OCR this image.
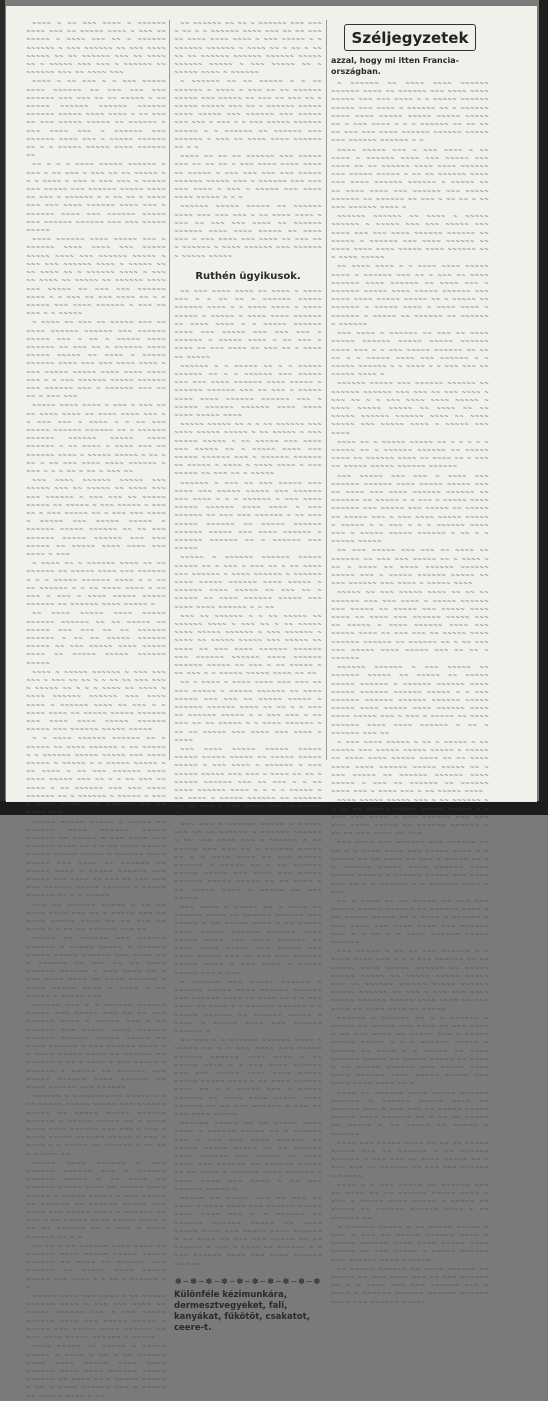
~~~~ ~ ~~ ~~~ ~~~~ ~ ~~~~~~ ~~~~ ~~~ ~~ ~~~~~ ~~~~ ~ ~~~ ~~ ~~~~~ ~ ~~~~ ~~~ ~~ ~ ~~~~~~ ~~~~~~ ~ ~~~ ~~~~~~ ~~ ~~~ ~~~~ ~~~~~ ~~ ~~ ~~~~~~ ~~~ ~~ ~~~~ ~~ ~ ~~~~~ ~~~ ~~~ ~ ~~~~~~ ~~ ~~~~~~ ~~~ ~~ ~~~~ ~~~

~~~~ ~ ~~ ~~~ ~ ~ ~~~ ~~~~~ ~~~~ ~~~~~~ ~~ ~~~ ~~~ ~~~ ~~~~~~ ~~~ ~~~ ~~ ~~ ~~~~~ ~ ~~ ~~~~~ ~~~~~~ ~~~~~~ ~~~~~~ ~~~~~~ ~~~~~ ~~~~ ~~~~ ~ ~~ ~~~ ~~ ~~~ ~~~~~ ~~~~~ ~~ ~~~~~~ ~ ~~~ ~~~~ ~~~ ~ ~~~~~~ ~~~ ~~~~~~ ~~~~ ~~~ ~ ~~~~~ ~~~~~~ ~~ ~ ~ ~~~~~ ~~~~~ ~~~~ ~~~~~~ ~~

~~ ~ ~ ~ ~~~~ ~~~~~ ~~~~~~ ~ ~~~ ~ ~~ ~~~ ~ ~~~ ~~ ~~ ~~~~~ ~ ~ ~ ~~~~ ~ ~~~ ~ ~~~ ~~~ ~ ~~~~~ ~~~ ~~~~~ ~~~ ~~~~~~ ~~~~~ ~~~~ ~~ ~~~ ~ ~~~~~~ ~ ~ ~~ ~~ ~ ~~~~ ~~~ ~~~ ~~~~ ~~~~~~ ~~~~ ~~~ ~ ~~~~~~ ~~~~ ~~~ ~~~~~~ ~~~~~ ~~~ ~~~~~~ ~~~~~~ ~~~ ~~~ ~~~~~ ~~~~~

~~~~ ~~~~~~ ~~~~ ~~~~~ ~~~ ~ ~~~~~~ ~~~~ ~~~~ ~~~ ~~~~~ ~~~~~ ~~~~ ~~~ ~~~~~~ ~~~~~ ~ ~~~ ~~~ ~~~~~~ ~~~~ ~ ~~~~~ ~~ ~~ ~~~~ ~~ ~ ~~~~~~ ~~~~ ~ ~~~ ~~ ~~~~ ~~ ~~~~~ ~~ ~~~~~~ ~~~~ ~~~ ~~~~~ ~~ ~~~ ~~~ ~~~~~~ ~~~~ ~ ~ ~~~ ~~ ~~~ ~~~~ ~~ ~ ~ ~~~~~ ~~~ ~~~~ ~~~~~~ ~ ~~~ ~~ ~~~ ~ ~ ~~~~~

~ ~~~~ ~~ ~~~ ~~ ~~~~~ ~~~ ~~ ~~~~ ~~~~~~ ~~~~~~ ~~~ ~~~~~~ ~~~~~ ~~~ ~ ~~ ~ ~~~~~ ~~~~ ~~~~~~ ~~ ~~~ ~~ ~ ~~~~~~ ~~~~ ~~~~~ ~~~~~ ~~ ~~~~ ~ ~~~~~ ~~~~~~ ~~~~ ~~~ ~~~ ~~~~ ~~~~ ~ ~~~ ~~~~~ ~~~~~ ~~~~ ~~~~ ~~~~ ~~~ ~ ~ ~~~ ~~~~~~ ~~~~~ ~~~~~~ ~~~ ~~~~~~ ~~~ ~ ~~~~~~ ~~~ ~~ ~~ ~ ~~~ ~~~

~~~~~ ~~~~ ~~~~ ~ ~~~ ~ ~~~ ~~ ~~ ~~~~ ~~~~ ~~ ~~~~ ~~~~ ~~~ ~ ~ ~~~ ~~~ ~ ~~~~ ~ ~ ~~ ~~~ ~~~~~ ~~~~~~ ~~~~~~ ~~ ~ ~~~~~~ ~~~~~~ ~~~~~~ ~~~~~ ~~~~ ~~~~~~ ~ ~~ ~~~~ ~ ~~~~ ~~~ ~~ ~~~~~~ ~~~~ ~ ~~~~~ ~~~~~ ~ ~~ ~ ~~ ~ ~~ ~~~ ~~~~ ~~~~ ~~~~~~ ~ ~~~ ~ ~ ~ ~~ ~ ~~ ~ ~~~ ~~

~~~ ~~~~ ~~~~~~ ~~~~~ ~~~ ~~~~~ ~~~ ~~ ~~~~~ ~~ ~~~~ ~~~ ~~~ ~~~~~~ ~ ~~~ ~~~ ~~ ~~~~~ ~~~~~ ~~ ~~~~~ ~ ~~~ ~~~~~ ~ ~~~ ~~ ~ ~~~ ~~~~~ ~~ ~ ~~~ ~~~ ~~~~ ~ ~~~~~ ~~~ ~~~~~ ~~~~~ ~ ~~~~~~ ~~~~~ ~~~~~~ ~~ ~~ ~~~ ~~~~~~ ~~~~~ ~~~~~~ ~~~ ~~~ ~~~~~ ~~ ~~~~~ ~~~~ ~~~~ ~~~ ~~~~ ~ ~~~

~ ~~~~ ~~ ~ ~~~~~~ ~~~~ ~~ ~~ ~~~~~~ ~~ ~~~~~ ~~~~ ~~~ ~~~~~~ ~ ~ ~ ~~~~~ ~~~~~~ ~~~~ ~ ~ ~~ ~~ ~~~~~~ ~ ~ ~~ ~~~~ ~~~~ ~ ~~ ~~~ ~ ~~~ ~ ~~~~ ~~~~~ ~~~~~ ~~~~~~ ~~ ~~~~~~ ~~~~ ~~~~~ ~

~~ ~~~~ ~~~~~ ~~~~ ~~~~~ ~~~~~~ ~~~~~~ ~~ ~~ ~~~~~ ~~ ~~~~~ ~~~ ~~~ ~~ ~~ ~~~~~~ ~~~~~~ ~ ~~ ~~ ~~~~~ ~~~~~~ ~~~~~ ~~ ~~~ ~~~~~ ~~~~ ~~~~~ ~~~~ ~~ ~~~~~ ~~~~~ ~~~~~~ ~~~~~

~~~~ ~ ~~~~~ ~~~~~~ ~ ~~~ ~~~ ~~~ ~ ~~~ ~~ ~~ ~ ~ ~~ ~~ ~~~ ~~~ ~ ~~~~~ ~~ ~ ~ ~ ~~~~ ~~ ~~~~ ~ ~~~~ ~~~~~~ ~~~~~~ ~~~ ~~~~ ~~~~ ~ ~~~~~~ ~~~~ ~~ ~~~ ~ ~ ~~~~ ~~~~ ~~ ~~~~~ ~~~~~ ~~~~~~ ~~~ ~~~~ ~~~~ ~~~~~ ~~~~~~ ~~~~~ ~~~ ~~~~~~ ~~~~~ ~~~~~

~ ~ ~~~~ ~~~~~~ ~~~~~~ ~~ ~ ~~~~~ ~~ ~~~~ ~~~~~~ ~ ~~ ~~~~~ ~ ~ ~~~~~~ ~~~~~ ~~~~~ ~~~ ~~~~ ~~~~~ ~ ~~~~~ ~ ~ ~~~~~ ~~~~~ ~ ~~ ~~~~ ~ ~~ ~~~ ~~~~~~ ~~~~ ~~~~ ~~~~~ ~~~ ~~ ~ ~ ~~ ~~~ ~~ ~~~~ ~ ~~ ~~~~~~ ~~~ ~~~ ~~~~ ~~~~~~ ~~ ~ ~~~~~~ ~ ~~~~~ ~ ~~~ ~ ~~~~ ~~~~ ~~~ ~~~~~~ ~~ ~~ ~~~~ ~~~

~~~~~ ~~~~~ ~~~~~ ~ ~~~~~ ~~ ~~~~~~ ~~~~ ~~~~~~ ~~~~~ ~~~~~~ ~~ ~~~~~ ~ ~~~ ~~~~ ~~~ ~~~~~~ ~~~~ ~~ ~ ~ ~~ ~~~~ ~~~~~ ~~~~~ ~~~~~ ~~~~~ ~ ~~~~~~ ~~~~ ~~~~~ ~~~ ~~~~ ~~ ~~~~~~ ~~ ~~~~~ ~~~~ ~ ~~~~~ ~~~~~~ ~~~ ~~~~~ ~~~ ~~~~ ~~ ~~~ ~~ ~~~ ~~~ ~~~ ~~~~~~ ~~~~~ ~~~~~~ ~ ~~~~~ ~~~~~~ ~~ ~ ~ ~~~~~

~~~ ~~ ~~~~~~ ~~~~~ ~ ~~ ~~ ~~~~ ~~~~ ~~~ ~~ ~ ~~~~~ ~~~ ~~ ~~~~ ~~~~~ ~~~~ ~~ ~~ ~~~ ~~ ~~~~ ~ ~ ~~ ~~ ~~~~~~ ~~~ ~~

~~~~~ ~~ ~~~~~~ ~~~ ~~~~~~ ~~~~~~ ~ ~~~~~ ~~~~~ ~ ~~~~~~ ~~~~~ ~~~~~ ~~~~~~ ~~~ ~~~~ ~~ ~ ~~~~~~ ~~ ~~~ ~~ ~~ ~~~~ ~~~~~~ ~~~~~~ ~ ~~~ ~~~~ ~~ ~ ~~~ ~~~~ ~~~~ ~~ ~~~~ ~~~~~~ ~ ~~~~ ~~~~~ ~~~~ ~ ~~~~ ~ ~~ ~~~~~ ~ ~~~~~ ~~~

~~~~~~ ~~~ ~ ~ ~~~~~~ ~~~~~~ ~~~~~ ~~~ ~~~~~ ~~~ ~~ ~~ ~~~ ~~~~~~ ~~~~ ~ ~~~~~ ~~~ ~ ~~ ~~~~~~ ~~~ ~~~~~ ~~~~ ~~~~~~ ~~~~~~ ~~~~~~ ~~~~~ ~~~~~ ~~ ~~~~ ~~~~~~ ~ ~~~ ~~~~~~ ~~~~ ~ ~ ~~~~ ~~~~~ ~~~~ ~~ ~~~~~~ ~~ ~~~~~~ ~ ~~ ~ ~~~~ ~ ~~~ ~~~~~ ~ ~~~~~~ ~ ~~~~~ ~~ ~~~~~~ ~~~ ~~~~~ ~~~~~~ ~~~~ ~~~~~~ ~~ ~~~~ ~~~~~~ ~~~ ~~~~~~

~~~~~~ ~ ~ ~~~~~~ ~~ ~~~~~ ~ ~ ~~ ~~~~~ ~~~~~ ~~~~~ ~~~ ~~~~~~ ~~~~~ ~~ ~~~~~ ~~~~~ ~~~~~~ ~~~~~~ ~ ~~~~~ ~~~~~ ~~ ~ ~~~~ ~~~~ ~~~~ ~~~~~~ ~~~ ~~~ ~ ~~~ ~ ~~~~ ~~~~~ ~~~~~~ ~~~~~ ~ ~~~ ~ ~~~~ ~ ~ ~~~~~ ~~ ~~~~~~ ~ ~~ ~~ ~ ~~~~~ ~~

~~~~~ ~~~~ ~~~~~~ ~ ~~~ ~~~~~~ ~~~~~~ ~~~ ~ ~~~~~~ ~~~~~~ ~~~~~ ~ ~~ ~~~~ ~~ ~~~~~~ ~~~~~ ~~~~ ~~ ~~~~~ ~~~~ ~~~~~ ~ ~~~~~ ~~~~~ ~ ~~~ ~~~~~ ~~ ~~~~~~ ~~ ~~~~~~ ~~~~~ ~~~ ~~~~ ~~~ ~~~~~ ~~~~ ~ ~~~~~~ ~~ ~~~ ~ ~~ ~~~~~ ~~~~ ~~~~~ ~~~~ ~ ~~ ~~ ~~~~~~ ~~ ~ ~~~ ~ ~~~~ ~~~~~~ ~~ ~ ~

~~ ~~ ~ ~~ ~~~~~~ ~~~~ ~~~~ ~~ ~~~~~~ ~~~~ ~~~~~ ~~~~~ ~~~~~ ~~~~~~ ~~ ~~~~ ~~ ~~~~~~ ~~~ ~~~~~~ ~~ ~~~~~ ~~~~ ~~~~~ ~~~~~ ~~~ ~~~~ ~ ~ ~~ ~ ~~~~~~ ~ ~

~~~~~ ~~~~ ~~~ ~~~~ ~ ~~ ~~~~~ ~~~~~~ ~~~~ ~ ~~~ ~~~ ~~~~ ~~ ~~~~~ ~~~~~~ ~~~ ~ ~~~ ~~~~~ ~~~~~~ ~~~~ ~~~ ~~~~~ ~~~~~ ~ ~~~~~ ~~~ ~~~~~ ~~~~ ~~~~~~ ~~ ~~~ ~~~~ ~~~~~ ~~~~~~ ~ ~~~~~

~~~~ ~~~~~ ~~ ~~~~~ ~ ~~~~~ ~~~~~ ~ ~~~~ ~ ~~ ~ ~~ ~~~~~~ ~~~~ ~~~~ ~~~~~ ~~~~ ~~~~ ~~~~~~ ~~~~ ~~~~ ~~~~~~ ~~~~~ ~~~~~~ ~~ ~~~~ ~~ ~ ~~~~~ ~~~~~ ~ ~~ ~ ~~~~ ~~~~~~ ~~~ ~ ~~~~~ ~~ ~~~~~ ~~~~ ~ ~~

~~ ~~~~~~ ~~ ~~ ~ ~~~~~~ ~~~ ~~~ ~ ~~ ~ ~ ~~~~~~ ~~~~ ~~~ ~~ ~~ ~~~ ~~ ~~~~ ~~~~ ~~~~ ~ ~~~ ~~~~~ ~ ~ ~~~~~~ ~~~~~~ ~ ~~~~ ~~ ~ ~~ ~ ~~ ~~ ~~ ~~~~~~ ~~~~~~ ~~~~~~ ~~~~~ ~~~~~~ ~~~~~ ~ ~~~ ~~~~~ ~~ ~ ~~~~~ ~~~~ ~ ~~~~~~

~ ~~~~~~ ~~ ~~ ~~~~~ ~ ~ ~~ ~~~~~~ ~ ~~~~ ~ ~~~ ~~ ~~ ~~~~~~ ~~~~~ ~~~ ~~~~~ ~~ ~~~ ~~ ~~~ ~~ ~ ~~~~~ ~~~~~ ~~~ ~~ ~ ~~~~~~ ~~~~~ ~~~~ ~~~~~ ~~~ ~~~~~~ ~~~ ~~~~~ ~~~ ~~~ ~ ~~~ ~ ~ ~~~ ~~~~~ ~~~~~~ ~~~~~ ~ ~ ~~~~~~ ~~ ~~~~~~ ~~~ ~~~~~~ ~ ~~~ ~~ ~~~~ ~~~~ ~~~~~~ ~~ ~ ~

~~~~ ~~ ~~ ~~ ~~~~~~ ~~~ ~~~~~ ~~~ ~~ ~~ ~~ ~ ~~~ ~~~~ ~~~~ ~~~~ ~~ ~~~~~ ~ ~~~ ~~~ ~~~ ~~~ ~~~~~ ~~~~~~ ~~~~~ ~~~ ~ ~~~~~~ ~~~ ~~~ ~~~ ~~~~ ~ ~~~ ~ ~~~~~ ~~~ ~~~~ ~~~~ ~~~~~ ~ ~ ~

~~~~~~ ~~~~~ ~~~~~ ~~ ~~~~~~ ~~~~ ~~~ ~~~ ~~~ ~ ~~ ~~~~ ~~~~ ~ ~~~ ~~ ~~~ ~~~ ~~~~ ~~ ~~~~~~ ~~~~~~ ~~~~ ~~~~ ~~~~~ ~~ ~~~~ ~~~ ~ ~~~ ~~~~ ~~~ ~~~~ ~~ ~~~ ~~ ~ ~~~~~~ ~ ~~~~ ~~~~~~ ~~~ ~~~~~~ ~ ~~~~~ ~~~~~

Ruthén ügyikusok.

~~ ~~~ ~~~~ ~~~~ ~~ ~~~~ ~ ~~~~ ~~~ ~ ~ ~~ ~~ ~ ~~~~~~ ~~~~~ ~~~~~~ ~~~~ ~ ~ ~~~~ ~~~~ ~ ~~~~ ~~~~~ ~ ~~~~~ ~ ~~~~ ~~~~ ~~~~~~ ~~ ~~~~ ~~~~ ~ ~ ~~~~~ ~~~~~~ ~~~~ ~~~ ~~~~~ ~~~ ~~~ ~~~ ~ ~~~~~~ ~ ~~~~~ ~~~~ ~ ~~ ~~~ ~ ~~~~ ~~ ~~~ ~~~~ ~~ ~~~ ~~ ~ ~~~~ ~~ ~~~~~

~~~~~~ ~ ~ ~~~~~ ~~ ~ ~ ~~~~~ ~~~~~~ ~~ ~ ~ ~~~~~~ ~~~ ~~~~~ ~~~ ~~~ ~~~~ ~~~~~~ ~~~~ ~~~~~ ~ ~~~~~~ ~~~~~~ ~~~ ~~ ~~~ ~ ~~~~~ ~~~~ ~~~~ ~~~~~~ ~~~~~~ ~~~ ~ ~~~~~ ~~~~~~ ~~~~~~ ~~~~ ~~~~ ~~~~ ~~~~~ ~~~~

~~~~~ ~~~~~ ~~ ~ ~ ~~ ~~~~~~ ~~~ ~~~~ ~~~~~ ~~~~~ ~ ~~ ~~~~~ ~ ~~~ ~~~~~ ~~~~~ ~ ~~ ~~~~~ ~~~ ~~~~ ~~~ ~~~~~ ~~ ~ ~~~~~ ~~~~ ~~~ ~~~~~ ~~~~~~ ~~~ ~ ~~~~~~ ~~~~~~ ~~ ~~~~~ ~ ~~~~ ~ ~~~~ ~~~~ ~ ~~~ ~~~~~ ~~ ~~~ ~~ ~ ~~~~~

~~~~~~ ~ ~~~ ~~ ~~~ ~~~~~ ~~~ ~~~~ ~~~ ~~~~~ ~~~~~ ~~~ ~~~~~~ ~~~ ~~~~ ~ ~ ~ ~~~~~~ ~ ~~~ ~~~~ ~~~~~ ~~~~~~ ~~~~ ~~~~ ~ ~~~ ~~~~~~ ~~ ~~~ ~~~ ~~~~~~ ~ ~~ ~~~ ~~~~~ ~~~~~~ ~~ ~~~~~ ~~~~~~ ~~~~~~ ~~~~~ ~~~ ~~~~ ~~~~~~ ~ ~~~~~~ ~~~~~~ ~~ ~ ~~~~~~ ~~~ ~~~~~

~~~~~ ~ ~~~~~~ ~~~~~~ ~~~~~ ~~~~~ ~~ ~ ~~~ ~ ~~~ ~~ ~ ~~ ~~~~ ~~~ ~~~~~~ ~ ~~~~ ~~~~~~ ~ ~~~~~~ ~~~~ ~~~~~ ~~~~~~ ~~~~ ~~~~~ ~ ~~~~~~ ~~~~ ~~~~~ ~~ ~~~ ~~ ~ ~~~~~ ~~ ~~~~ ~~~~~~ ~~~~~ ~~~ ~~~~ ~~~~ ~~~~~~ ~ ~ ~~

~~~ ~~ ~~~~~~ ~ ~ ~~ ~~~~~ ~~ ~~~~~~ ~~~~ ~ ~~~ ~~ ~ ~~ ~~~~~ ~~~~ ~~~~~ ~~~~~~ ~ ~~~ ~~~~~~ ~ ~~~~ ~~ ~~~~~ ~~~~~ ~~~ ~~~~~ ~~ ~~~~ ~~ ~~~ ~~~~ ~~~~~~ ~~~~~~ ~~~ ~~~~~~ ~~~~~~ ~~~~ ~~~~~~ ~~~~~~ ~~~~~ ~~ ~~~ ~ ~~ ~~~~~ ~ ~~ ~~~ ~ ~ ~~~~~ ~~~~~ ~~~~ ~~ ~~

~~ ~ ~~~~ ~ ~~~~ ~~~~ ~~~ ~~~ ~~ ~~~ ~~~~~ ~ ~~~~~ ~~~~~~ ~~ ~~~~ ~~~~~ ~~~ ~~~ ~~ ~~~~~ ~~~~~ ~ ~~~~~~ ~~~~~~ ~~~~ ~~ ~~ ~ ~ ~~~ ~~ ~~~~~~ ~~~~~ ~ ~ ~~~ ~~~ ~ ~~ ~~~ ~~ ~~ ~~~~~ ~ ~ ~~~~ ~~~~~~ ~ ~~ ~~ ~~~~~ ~~~ ~~~~ ~~~ ~~~~ ~ ~~~~

~~~ ~~~~ ~~~~~ ~~~~~ ~~~~~ ~~~~~ ~~~~~ ~~~~~ ~~ ~~~~~ ~~~~~ ~~~~~ ~ ~~~ ~~~~ ~ ~~~~~~ ~ ~~~ ~~~~~ ~~~~~ ~~~ ~~~ ~ ~~~~ ~~ ~~ ~ ~~~~~ ~~~~~~ ~~~ ~~ ~~~ ~ ~ ~~ ~~~~ ~~~~~~ ~~~~ ~ ~ ~ ~ ~~~~~ ~ ~~ ~~~~ ~ ~~~~~ ~~~~~~ ~~ ~~~~~~ ~~ ~~ ~~~ ~ ~~~ ~~~~ ~~~ ~~ ~~~~~ ~

~~~ ~~~ ~ ~~~~~~ ~~~~~ ~ ~~~~~ ~~~ ~~ ~~ ~~~~~~ ~ ~~~~~~ ~~~~~~ ~ ~~ ~~~ ~~~~ ~~~ ~ ~~~~~~ ~ ~~ ~~~~~ ~~~ ~~~ ~~ ~ ~~~~~~ ~~~~~ ~~ ~ ~ ~~~~ ~~~~ ~~ ~~~ ~~~~~ ~~~~~~ ~ ~~~~~ ~~ ~ ~~ ~~~~~~ ~~~~~ ~~~~~ ~~~ ~~~~ ~~~ ~~~~~ ~~~~~~ ~~~~~ ~~~~~ ~~ ~~ ~~~~ ~ ~~ ~~~~~ ~~~~ ~ ~~~~~ ~~ ~~~ ~~~~~

~~~ ~~~~ ~ ~~~~~ ~~ ~ ~~~~ ~~ ~~~~~~ ~~~~ ~~ ~~~~~~ ~~~~~~ ~~~ ~~~~~ ~ ~~ ~~~~~ ~~~~ ~ ~~ ~~~~~ ~~~~ ~~~~~ ~~~~~~ ~~~~~~ ~~~~ ~~~~~ ~~~~ ~~~ ~~~~ ~~~~~~ ~~ ~~~~ ~~~~ ~~~~~ ~~~ ~~~~~ ~~~ ~~~~ ~~~~~ ~~~ ~~ ~~~ ~~~ ~~~~~~ ~~~~~ ~~~~ ~ ~~~ ~~~~ ~ ~~~~~ ~~~~~ ~~~ ~ ~~~

~ ~~~~~~ ~~~ ~~~~~ ~~~~~~ ~ ~~~~~~ ~~~~~ ~~~~ ~~~~~~ ~~~~~~ ~~~ ~~~~~~ ~~~~ ~~ ~~~~ ~~ ~ ~ ~~~ ~~~~ ~~ ~~~~ ~ ~ ~~~~~~ ~~~~~~ ~ ~ ~~~~~ ~~~~~~ ~~ ~~~~~~ ~~~~~ ~ ~~~~ ~ ~~~~~ ~~~~ ~~~ ~~~~~~ ~~~~~~ ~

~~ ~~~ ~ ~ ~~~~~~ ~~~~~~ ~~~~ ~ ~~~~~ ~~ ~ ~ ~~~ ~~~~ ~~~ ~~~~~ ~~~~~~ ~~~~~~ ~~~~ ~~~~ ~ ~~ ~~~~~ ~~~~ ~ ~ ~~~ ~~~~ ~~~~~~ ~~~ ~~~ ~~~~~ ~~~~ ~~~~ ~~~~~ ~~~~~ ~~~~~ ~~~~ ~ ~~ ~~~~ ~~~~~~ ~~~~ ~~ ~ ~ ~~~~~ ~~~ ~ ~~~~~ ~~~~~~ ~~ ~~~~ ~~~~ ~~~~~ ~~~~ ~~~~~~ ~~ ~~ ~~~ ~~~~~~ ~ ~~~ ~~ ~~~ ~~~~ ~~~~~

~~~~~~ ~~~~~ ~~ ~~ ~~~~~ ~~~~ ~~~~ ~ ~~~~~~ ~~~~~ ~~ ~ ~~~~~~ ~~~ ~ ~~~ ~~~ ~~~~ ~~~~~~ ~~ ~~~~~ ~~~~~ ~~~~~ ~~ ~~ ~~~~~~ ~~~~ ~~~~~~ ~~~ ~~~~~ ~~ ~~~~ ~~~~ ~~~ ~~~~~~ ~~ ~~~~~~ ~~~~~ ~~ ~~ ~~~~ ~ ~~~~~~ ~~~~ ~~~~~~ ~ ~~~~ ~~~~ ~~~ ~~~~ ~ ~~ ~~~ ~~~~~~ ~~~~~ ~

~~~~~ ~~ ~~~~~ ~~~ ~~ ~~~ ~~ ~~~~ ~ ~~~~ ~~~~ ~~~ ~~~~~~ ~~~~~ ~~~~ ~~~~ ~~~ ~ ~ ~~~~~~ ~~ ~~~~~~ ~~~~~~ ~~~~~ ~~ ~~~~ ~~~~~ ~~~~ ~~~ ~~~~~ ~~~~ ~~~~~~ ~ ~~ ~~~~ ~~ ~~~ ~~~ ~~~~~ ~~ ~~ ~~~~~~ ~ ~~~ ~ ~~~~ ~~ ~~~~~~ ~ ~ ~~~ ~~~~~~ ~~~~ ~~~ ~~~~ ~~~~~~ ~~ ~~~

✽∽✽∽✽∽✽∽✽∽✽∽✽∽✽∽✽∽✽

Különféle kézimunkára, dermesztvegyeket, fali, kanyákat, fűkötöt, csakatot, ceere-t.

Széljegyzetek

azzal, hogy mi itten Francia-országban.

~ ~~~~~~ ~~ ~~~~ ~~~~ ~~~~~~ ~~~~~~ ~~~~ ~~ ~~~~~~ ~~~ ~~~~ ~~~~ ~~~~~ ~~~ ~~~ ~~~~ ~ ~ ~~~~~ ~~~~~~ ~~~~~ ~~~ ~~~~ ~ ~~~~~~ ~~ ~ ~~~~~~ ~~~~ ~~~~ ~~~~~ ~~~~~ ~~~~~ ~~~~~ ~~ ~ ~~~ ~~~~ ~ ~ ~ ~~~~~~ ~~ ~~ ~~ ~~ ~~~ ~~~ ~~~~ ~~~~~~ ~~~~~~ ~~~~~ ~~~ ~~~~~~ ~~~~~~ ~ ~

~~~~ ~~~~~ ~~~ ~ ~~~ ~~~~ ~ ~~ ~~~~ ~ ~~~~~~ ~~~~ ~~~ ~~~~~ ~~~ ~~~~ ~~ ~~ ~~~~~~ ~~~~ ~~~~ ~~~~~~ ~~~ ~~~~~ ~~~~~ ~ ~~ ~~ ~~~~~~ ~~~~ ~~~ ~~~~ ~~~~~~ ~~~~~~ ~ ~~~~~ ~~ ~~ ~~~~ ~~~~ ~~~ ~~~~~~ ~~~ ~~~~~ ~~~~~~ ~~ ~~~~~~ ~~ ~~~ ~ ~~ ~~ ~ ~~ ~~~ ~~~~~~ ~~~~ ~

~~~~~~ ~~~~~~ ~~ ~~~~ ~ ~~~~~ ~~~~~~ ~ ~~~~~ ~~~ ~~~ ~~~~~ ~~~ ~~~~ ~~~ ~~~ ~~~~ ~~~~~~ ~~~~~~ ~~ ~~~~~ ~ ~~~~~~ ~~~ ~~~~ ~~~~~~ ~~ ~~~~ ~~~~ ~~~~ ~~~~~ ~~~~ ~~~~~~ ~~ ~ ~~~~ ~~~~~

~~ ~~~~ ~~~~ ~ ~ ~~~~ ~~~~ ~~~~~ ~~~~ ~ ~~~~~~ ~~~ ~~ ~ ~~~ ~~ ~~~~ ~~~~~~ ~~~~ ~~~~~~ ~~ ~~~~ ~~~ ~ ~~~~~~ ~~~~~ ~~~~ ~~~~~ ~~~~~~ ~~~ ~~~~ ~~~~ ~~~~~ ~~~~~ ~~ ~ ~~~~~ ~~ ~~~~~~ ~ ~~~~~ ~~~~ ~ ~~~~ ~~~~ ~ ~~~~~~ ~ ~~~~~ ~~ ~~~~~~ ~~ ~~~~~~ ~ ~~~~~~

~~~ ~~~~ ~ ~~~~~~ ~~ ~~~ ~~ ~~~~ ~~~~~ ~~~~~~ ~~~~~ ~~~~~ ~~~~~~ ~~~~ ~~~ ~ ~ ~~~ ~~~~~ ~~~~~~ ~~ ~~ ~~ ~ ~ ~~~~~ ~~~~ ~~~ ~~~~~~ ~ ~ ~~~~~ ~~~~~~ ~ ~ ~~~~ ~ ~ ~~~ ~~~ ~~ ~~~~~ ~~~~ ~

~~~~~~ ~~~~~ ~~~ ~~~~~~ ~~~~~~ ~~ ~~~~~~ ~~~~~~ ~~~ ~~~ ~~ ~~~ ~~~~ ~ ~~~ ~~ ~ ~ ~~~ ~~~~ ~~~~ ~~~~~ ~ ~~~~ ~~~~~ ~~~~~ ~~ ~~~~ ~~ ~~ ~~~~~ ~~~~~~ ~~~~~~ ~~~~ ~~ ~~~~ ~~~~~ ~~~ ~~~~~ ~~~~ ~ ~~~~~ ~~~ ~~~~

~~~~ ~~ ~ ~~~~~ ~~~~~ ~~ ~ ~ ~ ~ ~ ~~~~~ ~~ ~ ~~~~~~ ~~~~~~ ~~ ~~~~~ ~~~~ ~~ ~~~~~~ ~~~~ ~~ ~~~~ ~~ ~ ~~~ ~~ ~~~~~ ~~~~~ ~~~~~~ ~~~~~~

~~~ ~~~~~ ~~~ ~~~ ~ ~~~~ ~~~ ~~~~~~ ~~~~~~ ~~~~ ~~~~~ ~~~~~ ~~~ ~~ ~~~~ ~~~ ~~~~ ~~~~~~ ~~~~~~ ~~ ~~~~~~ ~~ ~~~~~ ~ ~ ~~~ ~ ~~~~~ ~~~~ ~~~~~~ ~~~ ~~~~~ ~~~ ~~~~~ ~~ ~~~~~ ~~ ~~~~~ ~~~ ~ ~~~ ~~~~ ~~~~~ ~~~~~ ~ ~~~~~ ~ ~ ~~~ ~ ~ ~ ~~~~~~ ~~~~ ~~~ ~ ~~~~~ ~~~~~ ~~~~~~ ~ ~~ ~ ~ ~~~~~ ~~~~~

~~ ~~~ ~~~~~ ~~~ ~~~ ~~ ~~~~ ~~ ~~~~~~ ~~ ~~~ ~~~ ~~~~~ ~~ ~ ~~~~ ~ ~~ ~ ~~~~ ~~ ~~~~ ~~~~~~ ~~~~~~ ~~~~~ ~~~ ~ ~~~~~ ~~~~~~ ~~~~~ ~~ ~~~ ~~~~~~ ~~~ ~~~~ ~ ~~~~~ ~~~~

~~~~~ ~~ ~~~ ~~~~~ ~~~~ ~~ ~~ ~~ ~~~~~~ ~~~ ~~~ ~~~~ ~ ~~~~~ ~~~~~~ ~~~ ~~~~~ ~~ ~~~~~ ~~~ ~~~~~ ~~~~ ~~~~ ~~ ~~~~ ~~~ ~~~~~~ ~~~~~ ~~~ ~~ ~~~~~ ~ ~~~~ ~~~~~~ ~~~~ ~~~ ~~~~~ ~~~~ ~~ ~~~ ~~~ ~~ ~~~~~ ~~~~ ~~~~~~ ~~~~~~ ~~ ~~~~~~ ~~ ~ ~~ ~~~ ~~~ ~~~~~ ~~~~ ~~~~~ ~~~ ~~ ~~ ~ ~~~~~~

~~~~~~ ~~~~~~ ~ ~~~ ~~~~~ ~~ ~~~~~~ ~~~~~ ~~ ~~~~~ ~~ ~~~~~ ~~~~~ ~~~~~~ ~ ~~~~~~ ~~~~~~ ~~~~ ~~~~~ ~~~~~~ ~~~~~~ ~~~~~ ~ ~ ~~~ ~~~~~~ ~~~~~~ ~~~~~~ ~~~~~~ ~~~~~ ~~~~~ ~~~~ ~~~~~ ~~~~ ~~~~~~ ~~~~ ~~~~ ~~~~~ ~~~ ~ ~~~ ~ ~~~~~ ~~ ~~~~ ~~~~~~ ~~~~ ~~~~ ~~~~~~ ~ ~~ ~ ~~~~~~ ~~~ ~~

~ ~~~ ~~~~ ~~~~~ ~ ~~ ~ ~~~~~ ~ ~~ ~~~~~ ~~~ ~~~~~ ~~~~~ ~~~~~ ~ ~~~~~ ~~ ~~~~ ~~~~ ~~~~~ ~~~~ ~~ ~~ ~~~~ ~~~~ ~~~~ ~~~~~~ ~~~~~ ~~~~~ ~~ ~ ~~~ ~~~~~ ~~ ~~~~~~ ~~~~~~ ~~~~ ~~~~~ ~ ~~~ ~~ ~~~~~~ ~~ ~~~~~~ ~~~~ ~~~ ~ ~~~~ ~~~ ~ ~~ ~~~~~ ~~~~

~~~~ ~~~~~ ~~~~~ ~~~ ~ ~~ ~~~~~~ ~ ~ ~~ ~~ ~~~~~ ~~~~~ ~~~~~ ~~~~~ ~ ~ ~~~ ~~~ ~~~~ ~ ~~~ ~~~~~~ ~~~ ~~~ ~~~ ~~~~ ~~~~~ ~~ ~~~~~~ ~~~~~~ ~ ~~ ~~ ~~~ ~~~~ ~~ ~~~

~~~ ~~~~ ~~~ ~~~~~~ ~~~ ~~~~~~ ~~ ~~ ~ ~ ~~~~ ~~~~ ~~~ ~~~~~ ~~~~ ~ ~ ~~~~~ ~~ ~~ ~~~~ ~~ ~~~ ~ ~~~~~ ~~ ~ ~ ~~~~~~ ~~~~~ ~~~~ ~~~~~~ ~~~~ ~~~~~ ~~~~~ ~ ~~~~~~ ~~~~~ ~~~ ~~~~ ~~~ ~~ ~ ~ ~~~~~~ ~ ~ ~~~~~~ ~~~~ ~ ~~~

~~ ~ ~~~~ ~~ ~~ ~~~~~ ~~ ~~~ ~~~ ~~~~~ ~~~~~ ~~~~~~ ~~ ~~~~~~ ~~~~ ~ ~~ ~~~~~ ~~~~~ ~~ ~ ~~~~ ~ ~~~~~~ ~ ~~~ ~~~~ ~~~ ~~~~ ~~~~ ~~~ ~~~~~~ ~~~ ~ ~ ~~ ~ ~ ~~~~ ~~~~~~ ~~~~~ ~~~~~~

~~~ ~~~~~ ~ ~~ ~~ ~~~ ~~~~~~ ~ ~ ~~~~ ~~~~ ~~~ ~ ~ ~ ~~~ ~~~~~~ ~~ ~~ ~~~~~ ~~~~ ~~~~~ ~~~~~~ ~~ ~~~~~ ~~~~~ ~~~~~ ~~ ~~~~~ ~~~~~ ~~~~~ ~~~ ~~ ~~~~~~ ~~~~~~ ~~~~~ ~~~~~~ ~~~~~ ~~~~~~ ~~ ~~~ ~ ~~~ ~~~ ~~~~ ~~~~~ ~~~~~~ ~~~~~ ~~~~ ~~~~ ~~ ~~~ ~~~~ ~~ ~~~~ ~~~~ ~~ ~~~~~

~~~~~~ ~ ~~~~~~ ~~ ~ ~ ~~~~~~ ~ ~~~~~ ~~ ~~~~~ ~~~ ~~~~ ~~ ~~~ ~~~~ ~ ~~ ~~~ ~~~~ ~~ ~~~~~ ~~~ ~ ~~~~~ ~~~~~ ~~~~~ ~ ~ ~ ~~~~~~ ~~~~~ ~ ~~~~~ ~~ ~~~~ ~ ~ ~~~~~ ~~ ~~~~ ~~~~~~ ~~~~~ ~~ ~~~~~ ~~~~~ ~~ ~~~~ ~ ~~ ~~~~~ ~~~~~~ ~~~ ~~~~~ ~~~~ ~~~~ ~~~~~~ ~~~~ ~~~~~ ~~~~~ ~~~ ~~~~ ~~~~ ~~~~ ~~ ~

~~~~ ~~ ~~~~~~ ~~~~ ~~~~~ ~~~~~~ ~~~~~~ ~ ~~~~~~ ~~~~~ ~~~~ ~~ ~~~~~~ ~~~ ~ ~~~ ~~~ ~~ ~~~~~ ~~~~~ ~~~~~ ~~~~ ~~~~~~ ~~ ~ ~~ ~~ ~~~~~ ~~ ~~~~~ ~ ~~ ~~~~~ ~~ ~~~~~ ~ ~~~~~~

~~~~ ~~~ ~~~~~ ~~~~ ~~ ~~ ~~ ~~~~~ ~~~~~ ~~~ ~~ ~~~~~~ ~ ~~ ~~~~~~ ~~~~~~ ~ ~~~ ~~~ ~~ ~~~~ ~~~~~ ~~ ~ ~~~ ~~~ ~~ ~~~~~~ ~~ ~~~ ~~~ ~~~~~~ ~ ~~~~~

~~~~ ~ ~ ~~~ ~~~~~ ~~ ~~~~~~ ~~~ ~~ ~~~~ ~~ ~~ ~~~~~~ ~~~~~ ~~~~ ~ ~~~ ~ ~~~~~ ~~~~ ~~~~~ ~ ~~~~~ ~~ ~~~~~ ~~ ~~~~~~ ~~~~~~ ~~~~ ~ ~~ ~~~~~~ ~~

~ ~~~~~~ ~~~~~ ~ ~~ ~~~~~ ~~~~~ ~ ~~~ ~ ~~~ ~~ ~~~~~ ~~~~~~ ~~~~ ~ ~~~~~ ~~~~~~ ~~~~ ~~~~ ~~~~~ ~~~~ ~~~~~ ~~ ~~~ ~~~~~ ~ ~~~~~ ~~~~~~ ~~~ ~~~~~~ ~~~~ ~~~~~~

~~ ~~~~~ ~~~~~~ ~~ ~~~~ ~~~~~~ ~~ ~~~~~ ~~ ~~~ ~~~~ ~~~ ~~ ~~~ ~~~~~~ ~~ ~ ~ ~~~~ ~~~ ~~~ ~~~~~~ ~~~ ~ ~~~~ ~ ~~~~~~ ~~~~~~ ~~~~~~ ~~~~~~ ~~~~ ~~~ ~~~~~~ ~~~~~
